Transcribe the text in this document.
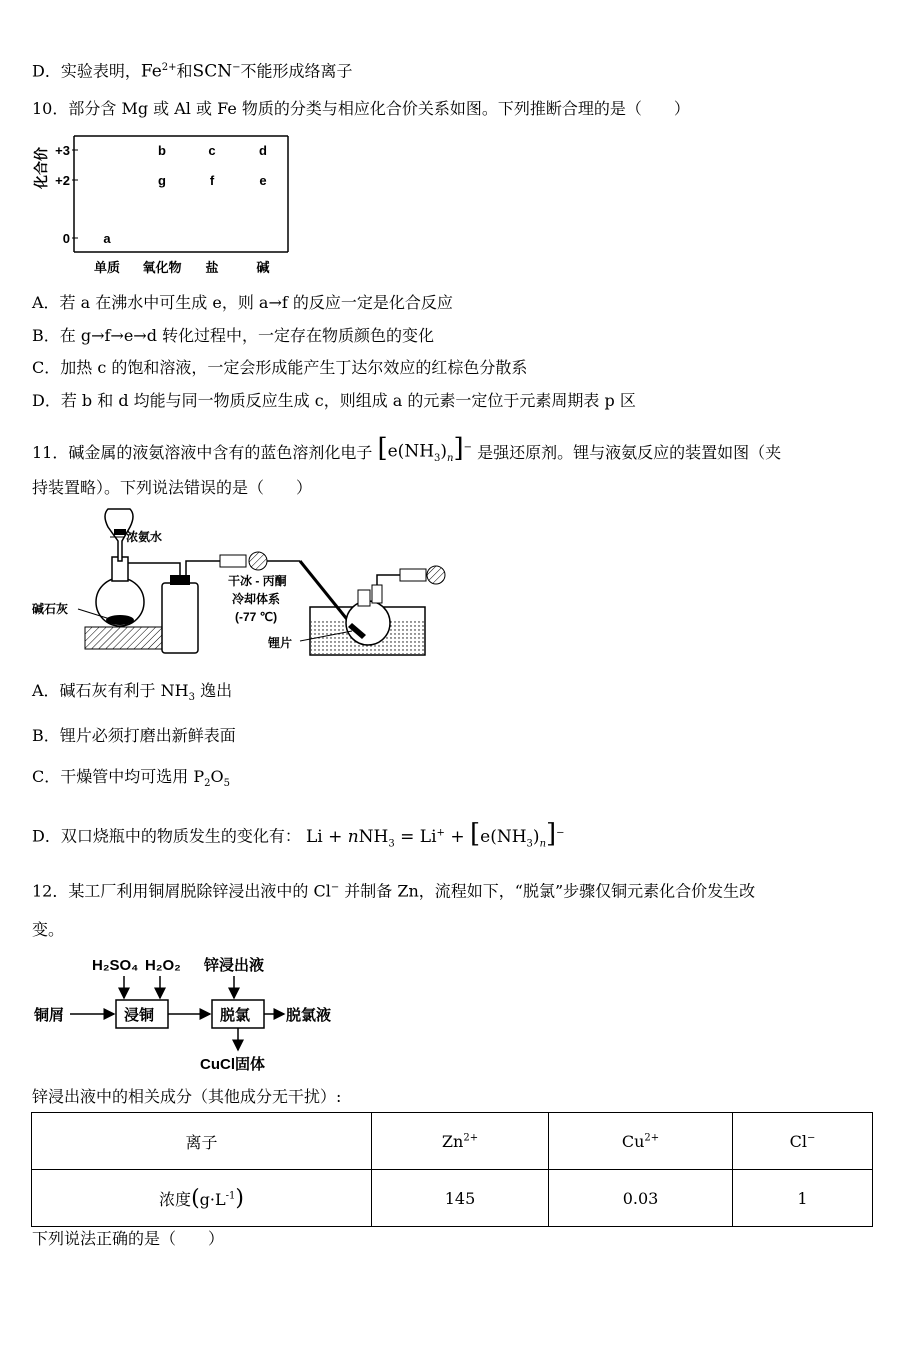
D．实验表明，$Fe^{2+}$和SCN−不能形成络离子
10．部分含 Mg 或 Al 或 Fe 物质的分类与相应化合价关系如图。下列推断合理的是（　　）
化合价 +3
+2
0	a
b	c	d
g	f	e
单质 氧化物 盐	碱
A．若 a 在沸水中可生成 e，则 a→f 的反应一定是化合反应
B．在 g→f→e→d 转化过程中，一定存在物质颜色的变化
C．加热 c 的饱和溶液，一定会形成能产生丁达尔效应的红棕色分散系
D．若 b 和 d 均能与同一物质反应生成 c，则组成 a 的元素一定位于元素周期表 p 区
11．碱金属的液氨溶液中含有的蓝色溶剂化电子 $[e(NH_3)_n]^-$ 是强还原剂。锂与液氨反应的装置如图（夹
持装置略）。下列说法错误的是（　　）
浓氨水
碱石灰
干冰 - 丙酮
冷却体系
(-77 ℃)
锂片
A．碱石灰有利于 $NH_3$ 逸出
B．锂片必须打磨出新鲜表面
C．干燥管中均可选用 $P_2O_5$
D．双口烧瓶中的物质发生的变化有： $Li + nNH_3 = Li^+ + [e(NH_3)_n]^-$
12．某工厂利用铜屑脱除锌浸出液中的 Cl− 并制备 Zn，流程如下，“脱氯”步骤仅铜元素化合价发生改
变。
H₂SO₄ H₂O₂ 锌浸出液
铜屑	浸铜	脱氯 脱氯液
CuCl固体
锌浸出液中的相关成分（其他成分无干扰）:
离子	$Zn^{2+}$	$Cu^{2+}$	Cl−
浓度$(g\cdot L^{-1})$	145	0.03	1
下列说法正确的是（　　）
